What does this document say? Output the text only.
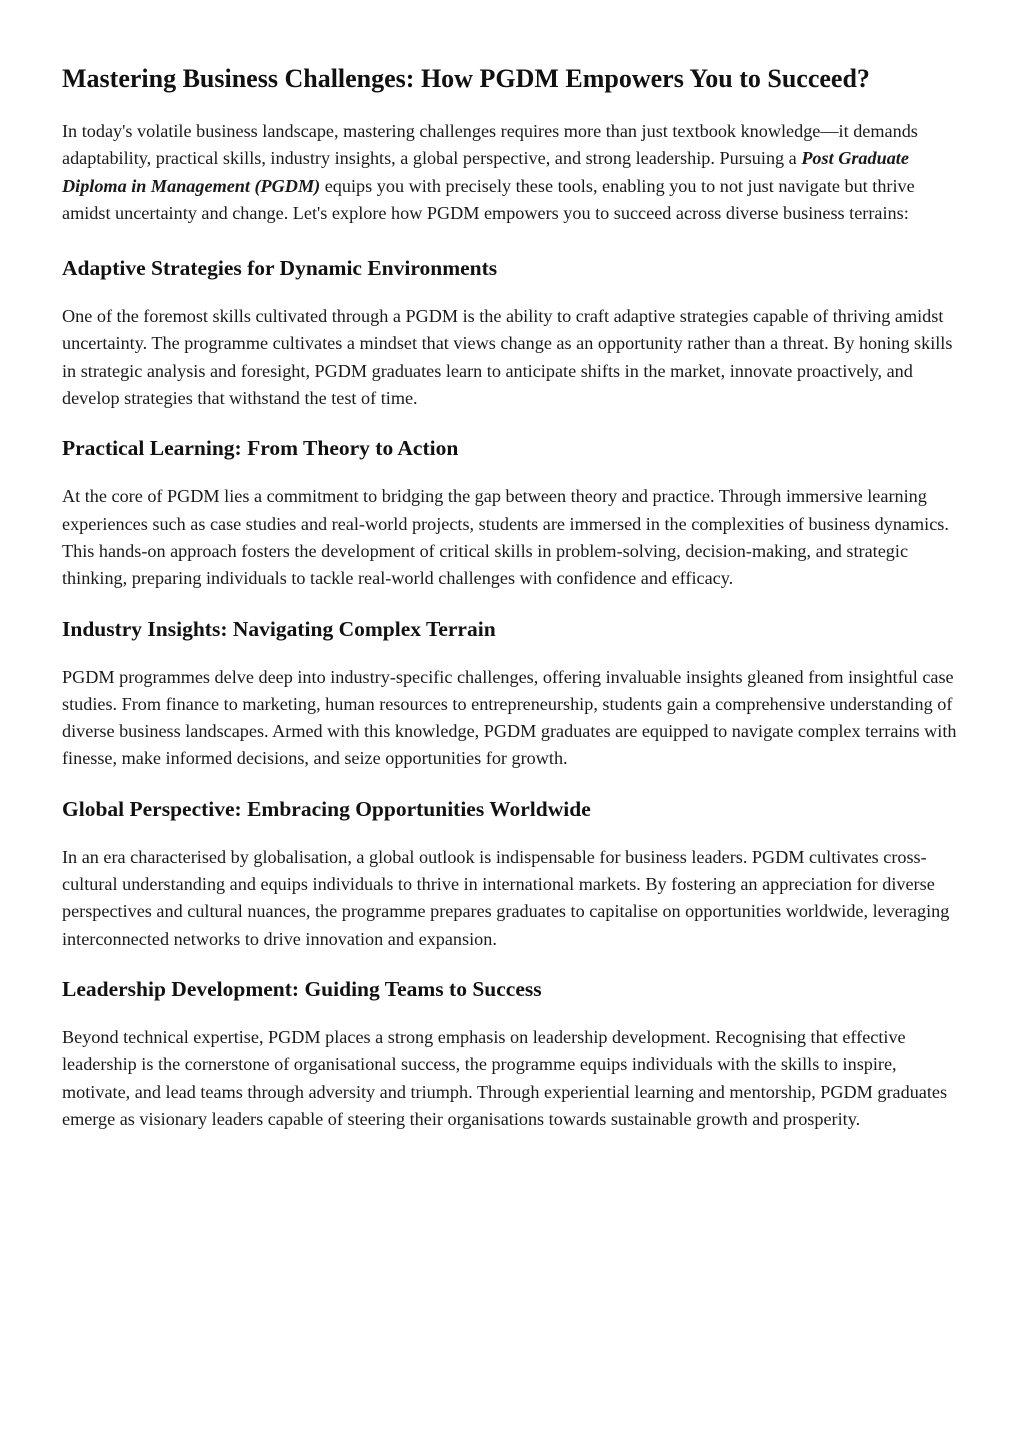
Mastering Business Challenges: How PGDM Empowers You to Succeed?

In today's volatile business landscape, mastering challenges requires more than just textbook knowledge—it demands adaptability, practical skills, industry insights, a global perspective, and strong leadership. Pursuing a Post Graduate Diploma in Management (PGDM) equips you with precisely these tools, enabling you to not just navigate but thrive amidst uncertainty and change. Let's explore how PGDM empowers you to succeed across diverse business terrains:

Adaptive Strategies for Dynamic Environments

One of the foremost skills cultivated through a PGDM is the ability to craft adaptive strategies capable of thriving amidst uncertainty. The programme cultivates a mindset that views change as an opportunity rather than a threat. By honing skills in strategic analysis and foresight, PGDM graduates learn to anticipate shifts in the market, innovate proactively, and develop strategies that withstand the test of time.

Practical Learning: From Theory to Action

At the core of PGDM lies a commitment to bridging the gap between theory and practice. Through immersive learning experiences such as case studies and real-world projects, students are immersed in the complexities of business dynamics. This hands-on approach fosters the development of critical skills in problem-solving, decision-making, and strategic thinking, preparing individuals to tackle real-world challenges with confidence and efficacy.

Industry Insights: Navigating Complex Terrain

PGDM programmes delve deep into industry-specific challenges, offering invaluable insights gleaned from insightful case studies. From finance to marketing, human resources to entrepreneurship, students gain a comprehensive understanding of diverse business landscapes. Armed with this knowledge, PGDM graduates are equipped to navigate complex terrains with finesse, make informed decisions, and seize opportunities for growth.

Global Perspective: Embracing Opportunities Worldwide

In an era characterised by globalisation, a global outlook is indispensable for business leaders. PGDM cultivates cross-cultural understanding and equips individuals to thrive in international markets. By fostering an appreciation for diverse perspectives and cultural nuances, the programme prepares graduates to capitalise on opportunities worldwide, leveraging interconnected networks to drive innovation and expansion.

Leadership Development: Guiding Teams to Success

Beyond technical expertise, PGDM places a strong emphasis on leadership development. Recognising that effective leadership is the cornerstone of organisational success, the programme equips individuals with the skills to inspire, motivate, and lead teams through adversity and triumph. Through experiential learning and mentorship, PGDM graduates emerge as visionary leaders capable of steering their organisations towards sustainable growth and prosperity.
